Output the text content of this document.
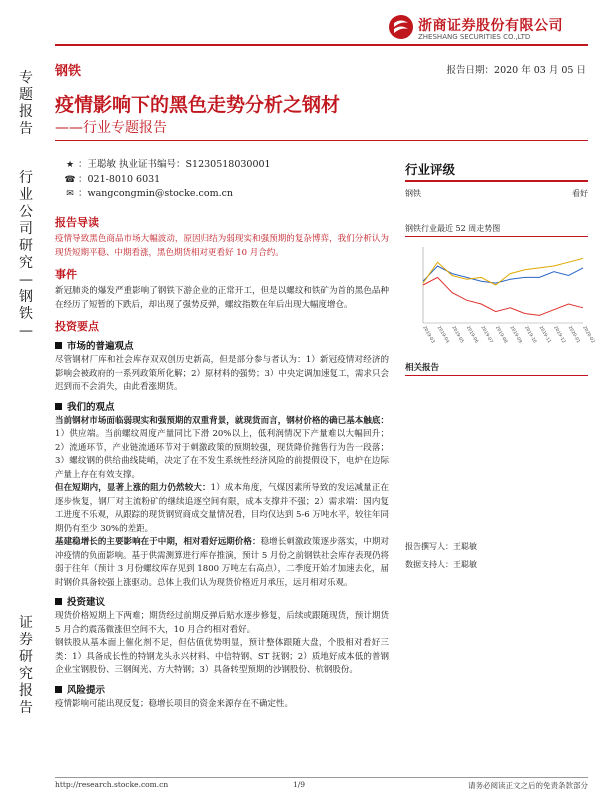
专
题
报
告
行
业
公
司
研
究
—
钢
铁
—
证
券
研
究
报
告
浙商证券股份有限公司
ZHESHANG SECURITIES CO.,LTD
钢铁	报告日期：2020 年 03 月 05 日
疫情影响下的黑色走势分析之钢材
——行业专题报告
★ ：王聪敏 执业证书编号：S1230518030001
☎ ：021-8010 6031
✉ ：wangcongmin@stocke.com.cn
报告导读

疫情导致黑色商品市场大幅波动，原因归结为弱现实和强预期的复杂博弈，我们分析认为现货短期平稳、中期看涨，黑色期货相对更看好 10 月合约。

事件

新冠肺炎的爆发严重影响了钢铁下游企业的正常开工，但是以螺纹和铁矿为首的黑色品种在经历了短暂的下跌后，却出现了强势反弹，螺纹指数在年后出现大幅度增仓。

投资要点
市场的普遍观点

尽管钢材厂库和社会库存双双创历史新高，但是部分参与者认为：1）新冠疫情对经济的影响会被政府的一系列政策所化解；2）原材料的强势；3）中央定调加速复工，需求只会迟到而不会消失，由此看涨期货。

我们的观点

当前钢材市场面临弱现实和强预期的双重背景，就现货而言，钢材价格的确已基本触底：1）供应端。当前螺纹周度产量同比下滑 20%以上，低利润情况下产量难以大幅回升；2）流通环节，产业链流通环节对于刺激政策的预期较强，现货降价抛售行为告一段落；3）螺纹钢的供给曲线陡峭，决定了在不发生系统性经济风险的前提假设下，电炉在边际产量上存在有效支撑。

但在短期内，显著上涨的阻力仍然较大：1）成本角度，气煤因素所导致的发运减量正在逐步恢复，钢厂对主流粉矿的继续追逐空间有限，成本支撑并不强；2）需求端：国内复工进度不乐观，从跟踪的现货钢贸商成交量情况看，目均仅达到 5-6 万吨水平，较往年同期仍有至少 30%的差距。

基建稳增长的主要影响在于中期，相对看好远期价格：稳增长刺激政策逐步落实，中期对冲疫情的负面影响。基于供需测算进行库存推演，预计 5 月份之前钢铁社会库存表现仍将弱于往年（预计 3 月份螺纹库存见到 1800 万吨左右高点），二季度开始才加速去化，届时钢价具备较强上涨驱动。总体上我们认为现货价格近月承压，远月相对乐观。

投资建议

现货价格短期上下两难；期货经过前期反弹后贴水逐步修复，后续或跟随现货，预计期货 5 月合约震荡微涨但空间不大，10 月合约相对看好。

钢铁股从基本面上催化剂不足，但估值优势明显，预计整体跟随大盘，个股相对看好三类：1）具备成长性的特钢龙头永兴材料、中信特钢、ST 抚钢；2）质地好成本低的普钢企业宝钢股份、三钢闽光、方大特钢；3）具备转型预期的沙钢股份、杭钢股份。

风险提示

疫情影响可能出现反复；稳增长项目的资金来源存在不确定性。

行业评级
钢铁	看好
钢铁行业最近 52 周走势图
2019-03 2019-04 2019-05 2019-06 2019-07 2019-08 2019-09 2019-10 2019-11 2019-12 2020-01 2020-02
相关报告
报告撰写人：王聪敏
数据支持人：王聪敏
http://research.stocke.com.cn	1/9	请务必阅读正文之后的免责条款部分
